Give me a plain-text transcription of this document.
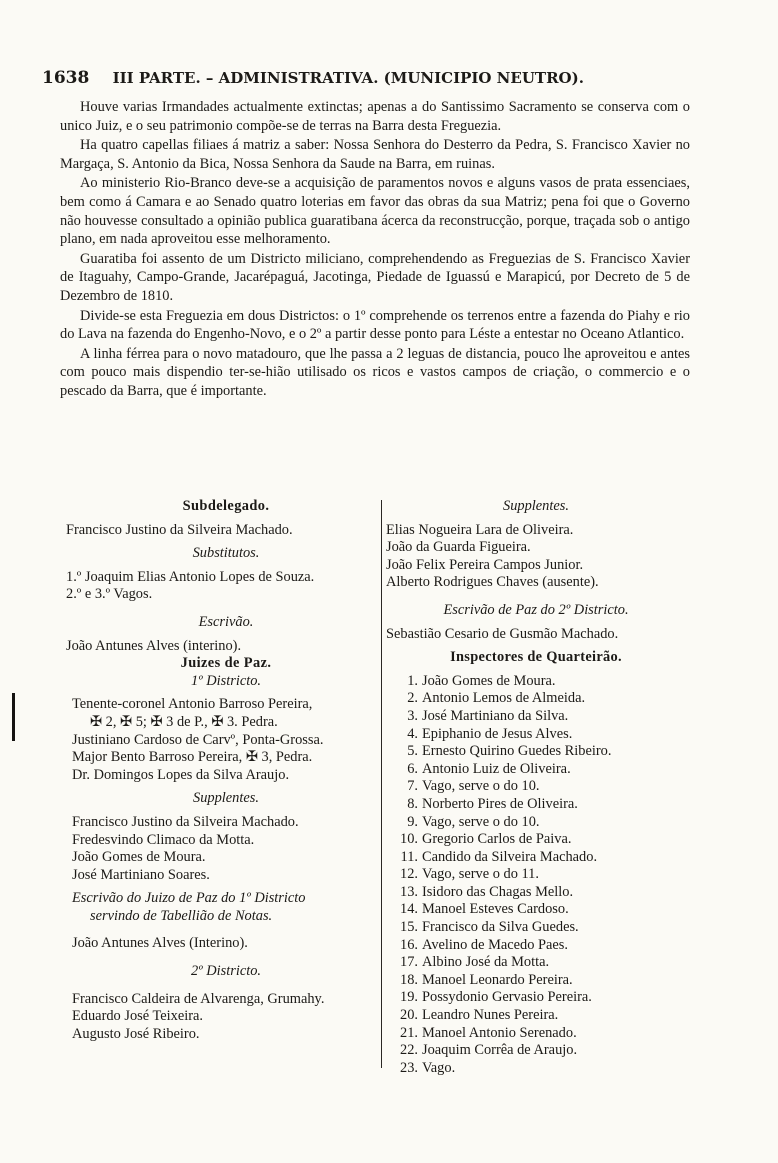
1638 III PARTE. – ADMINISTRATIVA. (MUNICIPIO NEUTRO).

Houve varias Irmandades actualmente extinctas; apenas a do Santissimo Sacramento se conserva com o unico Juiz, e o seu patrimonio compõe-se de terras na Barra desta Freguezia.

Ha quatro capellas filiaes á matriz a saber: Nossa Senhora do Desterro da Pedra, S. Francisco Xavier no Margaça, S. Antonio da Bica, Nossa Senhora da Saude na Barra, em ruinas.

Ao ministerio Rio-Branco deve-se a acquisição de paramentos novos e alguns vasos de prata essenciaes, bem como á Camara e ao Senado quatro loterias em favor das obras da sua Matriz; pena foi que o Governo não houvesse consultado a opinião publica guaratibana ácerca da reconstrucção, porque, traçada sob o antigo plano, em nada aproveitou esse melhoramento.

Guaratiba foi assento de um Districto miliciano, comprehendendo as Freguezias de S. Francisco Xavier de Itaguahy, Campo-Grande, Jacarépaguá, Jacotinga, Piedade de Iguassú e Marapicú, por Decreto de 5 de Dezembro de 1810.

Divide-se esta Freguezia em dous Districtos: o 1º comprehende os terrenos entre a fazenda do Piahy e rio do Lava na fazenda do Engenho-Novo, e o 2º a partir desse ponto para Léste a entestar no Oceano Atlantico.

A linha férrea para o novo matadouro, que lhe passa a 2 leguas de distancia, pouco lhe aproveitou e antes com pouco mais dispendio ter-se-hião utilisado os ricos e vastos campos de criação, o commercio e o pescado da Barra, que é importante.

Subdelegado.
Francisco Justino da Silveira Machado.
Substitutos.
1.º Joaquim Elias Antonio Lopes de Souza.
2.º e 3.º Vagos.
Escrivão.
João Antunes Alves (interino).
Juizes de Paz.
1º Districto.
Tenente-coronel Antonio Barroso Pereira,
✠ 2, ✠ 5; ✠ 3 de P., ✠ 3. Pedra.
Justiniano Cardoso de Carvº, Ponta-Grossa.
Major Bento Barroso Pereira, ✠ 3, Pedra.
Dr. Domingos Lopes da Silva Araujo.
Supplentes.
Francisco Justino da Silveira Machado.
Fredesvindo Climaco da Motta.
João Gomes de Moura.
José Martiniano Soares.
Escrivão do Juizo de Paz do 1º Districto
servindo de Tabellião de Notas.
João Antunes Alves (Interino).
2º Districto.
Francisco Caldeira de Alvarenga, Grumahy.
Eduardo José Teixeira.
Augusto José Ribeiro.
Supplentes.
Elias Nogueira Lara de Oliveira.
João da Guarda Figueira.
João Felix Pereira Campos Junior.
Alberto Rodrigues Chaves (ausente).
Escrivão de Paz do 2º Districto.
Sebastião Cesario de Gusmão Machado.
Inspectores de Quarteirão.
1. João Gomes de Moura.
2. Antonio Lemos de Almeida.
3. José Martiniano da Silva.
4. Epiphanio de Jesus Alves.
5. Ernesto Quirino Guedes Ribeiro.
6. Antonio Luiz de Oliveira.
7. Vago, serve o do 10.
8. Norberto Pires de Oliveira.
9. Vago, serve o do 10.
10. Gregorio Carlos de Paiva.
11. Candido da Silveira Machado.
12. Vago, serve o do 11.
13. Isidoro das Chagas Mello.
14. Manoel Esteves Cardoso.
15. Francisco da Silva Guedes.
16. Avelino de Macedo Paes.
17. Albino José da Motta.
18. Manoel Leonardo Pereira.
19. Possydonio Gervasio Pereira.
20. Leandro Nunes Pereira.
21. Manoel Antonio Serenado.
22. Joaquim Corrêa de Araujo.
23. Vago.
